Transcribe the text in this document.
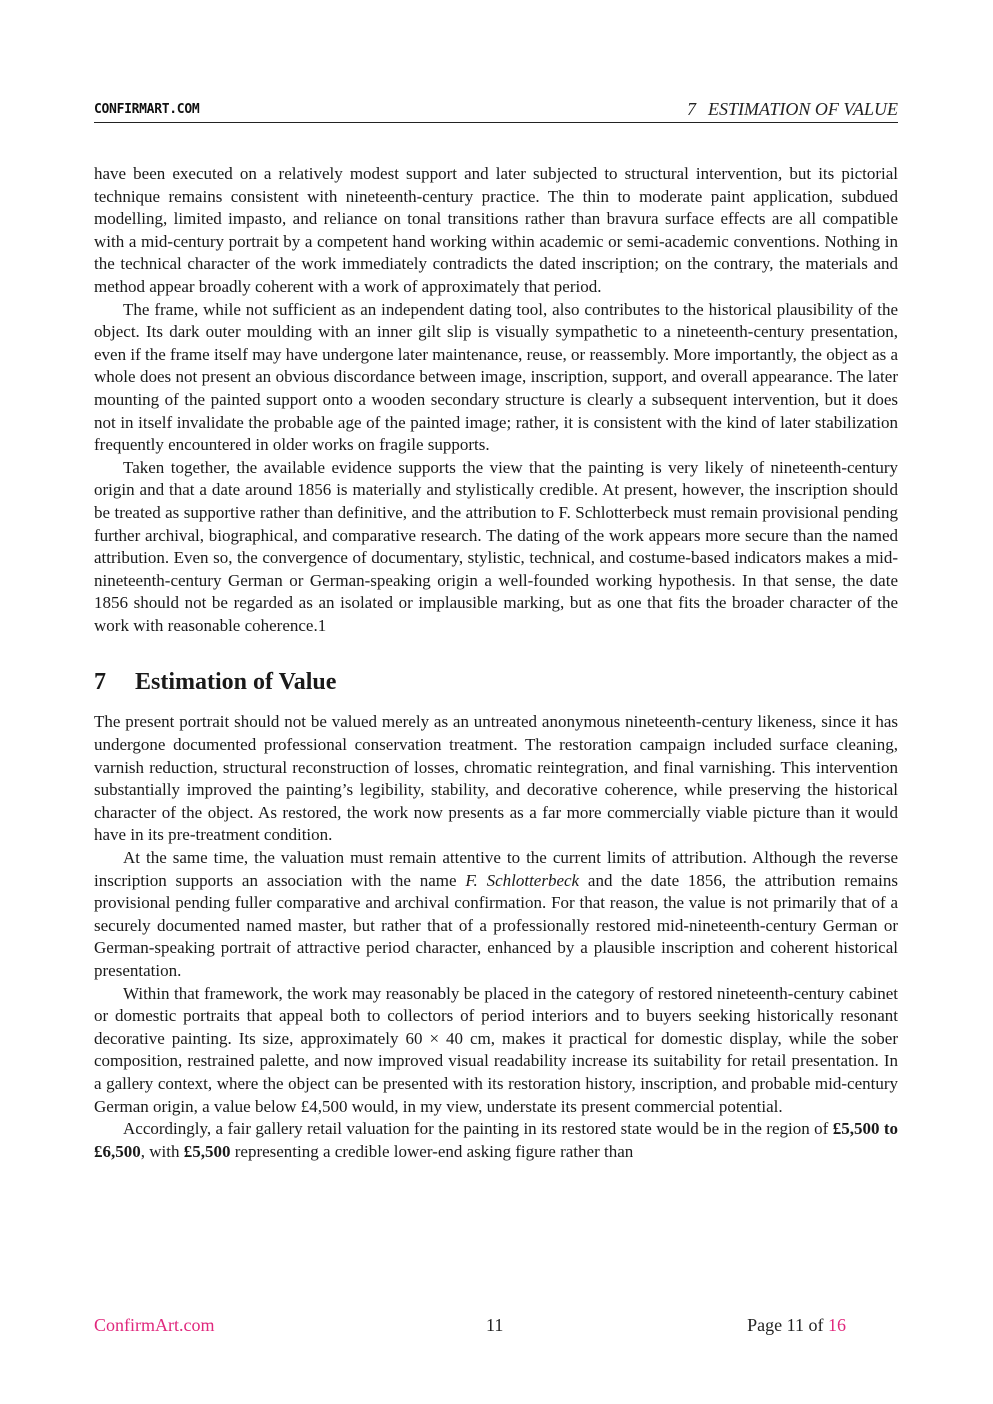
CONFIRMART.COM	7 ESTIMATION OF VALUE

have been executed on a relatively modest support and later subjected to structural intervention, but its pictorial technique remains consistent with nineteenth-century practice. The thin to moderate paint application, subdued modelling, limited impasto, and reliance on tonal transitions rather than bravura surface effects are all compatible with a mid-century portrait by a competent hand working within academic or semi-academic conventions. Nothing in the technical character of the work immediately contradicts the dated inscription; on the contrary, the materials and method appear broadly coherent with a work of approximately that period.

The frame, while not sufficient as an independent dating tool, also contributes to the historical plausibility of the object. Its dark outer moulding with an inner gilt slip is visually sympathetic to a nineteenth-century presentation, even if the frame itself may have undergone later maintenance, reuse, or reassembly. More importantly, the object as a whole does not present an obvious discordance between image, inscription, support, and overall appearance. The later mounting of the painted support onto a wooden secondary structure is clearly a subsequent intervention, but it does not in itself invalidate the probable age of the painted image; rather, it is consistent with the kind of later stabilization frequently encountered in older works on fragile supports.

Taken together, the available evidence supports the view that the painting is very likely of nineteenth-century origin and that a date around 1856 is materially and stylistically credible. At present, however, the inscription should be treated as supportive rather than definitive, and the attribution to F. Schlotterbeck must remain provisional pending further archival, biographical, and comparative research. The dating of the work appears more secure than the named attribution. Even so, the convergence of documentary, stylistic, technical, and costume-based indicators makes a mid-nineteenth-century German or German-speaking origin a well-founded working hypothesis. In that sense, the date 1856 should not be regarded as an isolated or implausible marking, but as one that fits the broader character of the work with reasonable coherence.1

7 Estimation of Value

The present portrait should not be valued merely as an untreated anonymous nineteenth-century likeness, since it has undergone documented professional conservation treatment. The restoration campaign included surface cleaning, varnish reduction, structural reconstruction of losses, chromatic reintegration, and final varnishing. This intervention substantially improved the painting’s legibility, stability, and decorative coherence, while preserving the historical character of the object. As restored, the work now presents as a far more commercially viable picture than it would have in its pre-treatment condition.

At the same time, the valuation must remain attentive to the current limits of attribution. Although the reverse inscription supports an association with the name F. Schlotterbeck and the date 1856, the attribution remains provisional pending fuller comparative and archival confirmation. For that reason, the value is not primarily that of a securely documented named master, but rather that of a professionally restored mid-nineteenth-century German or German-speaking portrait of attractive period character, enhanced by a plausible inscription and coherent historical presentation.

Within that framework, the work may reasonably be placed in the category of restored nineteenth-century cabinet or domestic portraits that appeal both to collectors of period interiors and to buyers seeking historically resonant decorative painting. Its size, approximately 60 × 40 cm, makes it practical for domestic display, while the sober composition, restrained palette, and now improved visual readability increase its suitability for retail presentation. In a gallery context, where the object can be presented with its restoration history, inscription, and probable mid-century German origin, a value below £4,500 would, in my view, understate its present commercial potential.

Accordingly, a fair gallery retail valuation for the painting in its restored state would be in the region of £5,500 to £6,500, with £5,500 representing a credible lower-end asking figure rather than

ConfirmArt.com	11	Page 11 of 16
